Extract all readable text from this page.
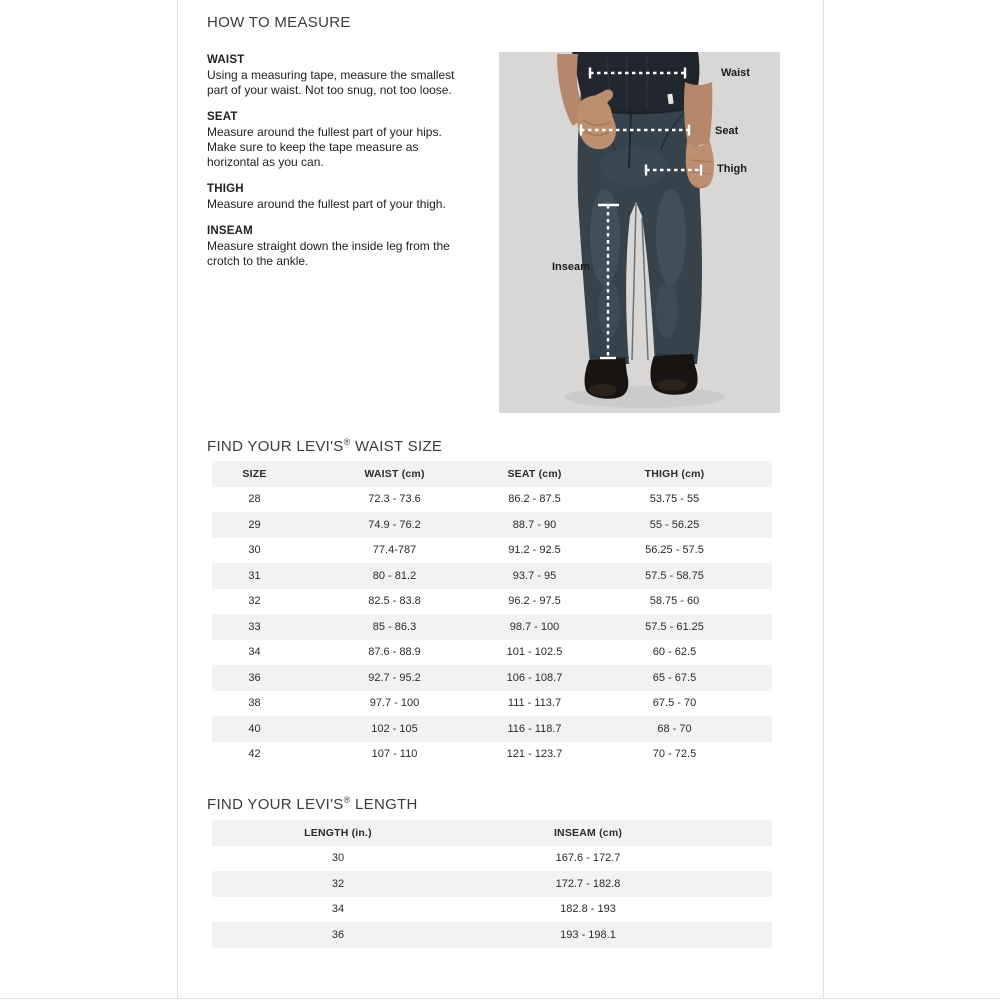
HOW TO MEASURE
WAIST
Using a measuring tape, measure the smallest part of your waist. Not too snug, not too loose.
SEAT
Measure around the fullest part of your hips. Make sure to keep the tape measure as horizontal as you can.
THIGH
Measure around the fullest part of your thigh.
INSEAM
Measure straight down the inside leg from the crotch to the ankle.
Waist
Seat
Thigh
Inseam
FIND YOUR LEVI'S® WAIST SIZE
SIZE	WAIST (cm)	SEAT (cm)	THIGH (cm)
28	72.3 - 73.6	86.2 - 87.5	53.75 - 55
29	74.9 - 76.2	88.7 - 90	55 - 56.25
30	77.4-787	91.2 - 92.5	56.25 - 57.5
31	80 - 81.2	93.7 - 95	57.5 - 58.75
32	82.5 - 83.8	96.2 - 97.5	58.75 - 60
33	85 - 86.3	98.7 - 100	57.5 - 61.25
34	87.6 - 88.9	101 - 102.5	60 - 62.5
36	92.7 - 95.2	106 - 108.7	65 - 67.5
38	97.7 - 100	111 - 113.7	67.5 - 70
40	102 - 105	116 - 118.7	68 - 70
42	107 - 110	121 - 123.7	70 - 72.5
FIND YOUR LEVI'S® LENGTH
LENGTH (in.)	INSEAM (cm)
30	167.6 - 172.7
32	172.7 - 182.8
34	182.8 - 193
36	193 - 198.1
